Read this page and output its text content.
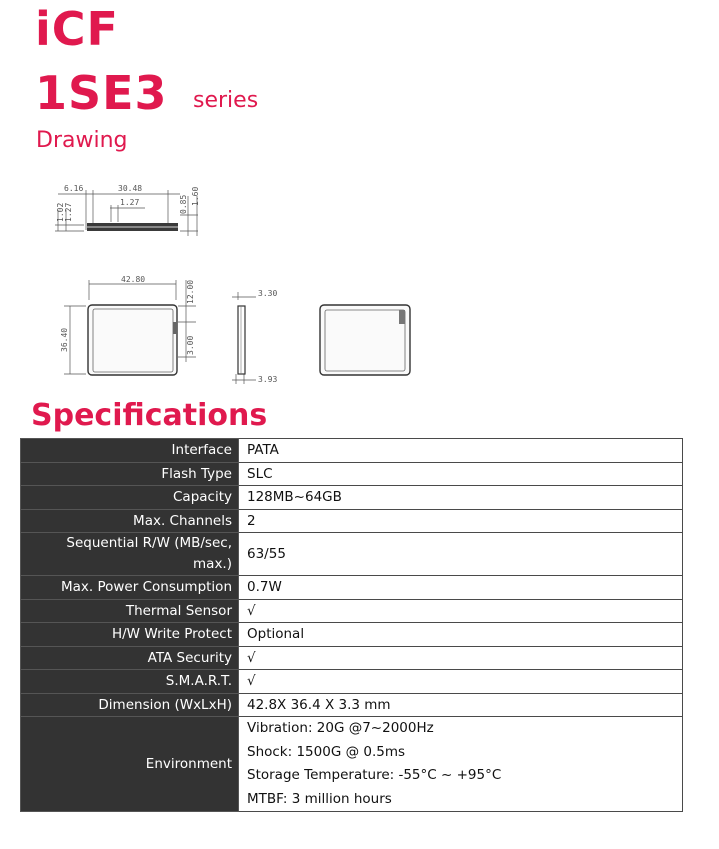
iCF
1SE3 series
Drawing
6.16	30.48
1.27
1.02 1.27	0.85 1.60
42.80
12.00
36.40	3.00
3.30
3.93
Specifications
Interface	PATA
Flash Type	SLC
Capacity	128MB~64GB
Max. Channels	2
Sequential R/W (MB/sec, max.)	63/55
Max. Power Consumption	0.7W
Thermal Sensor	√
H/W Write Protect	Optional
ATA Security	√
S.M.A.R.T.	√
Dimension (WxLxH)	42.8X 36.4 X 3.3 mm
Environment	Vibration: 20G @7~2000Hz
Shock: 1500G @ 0.5ms
Storage Temperature: -55°C ~ +95°C
MTBF: 3 million hours
